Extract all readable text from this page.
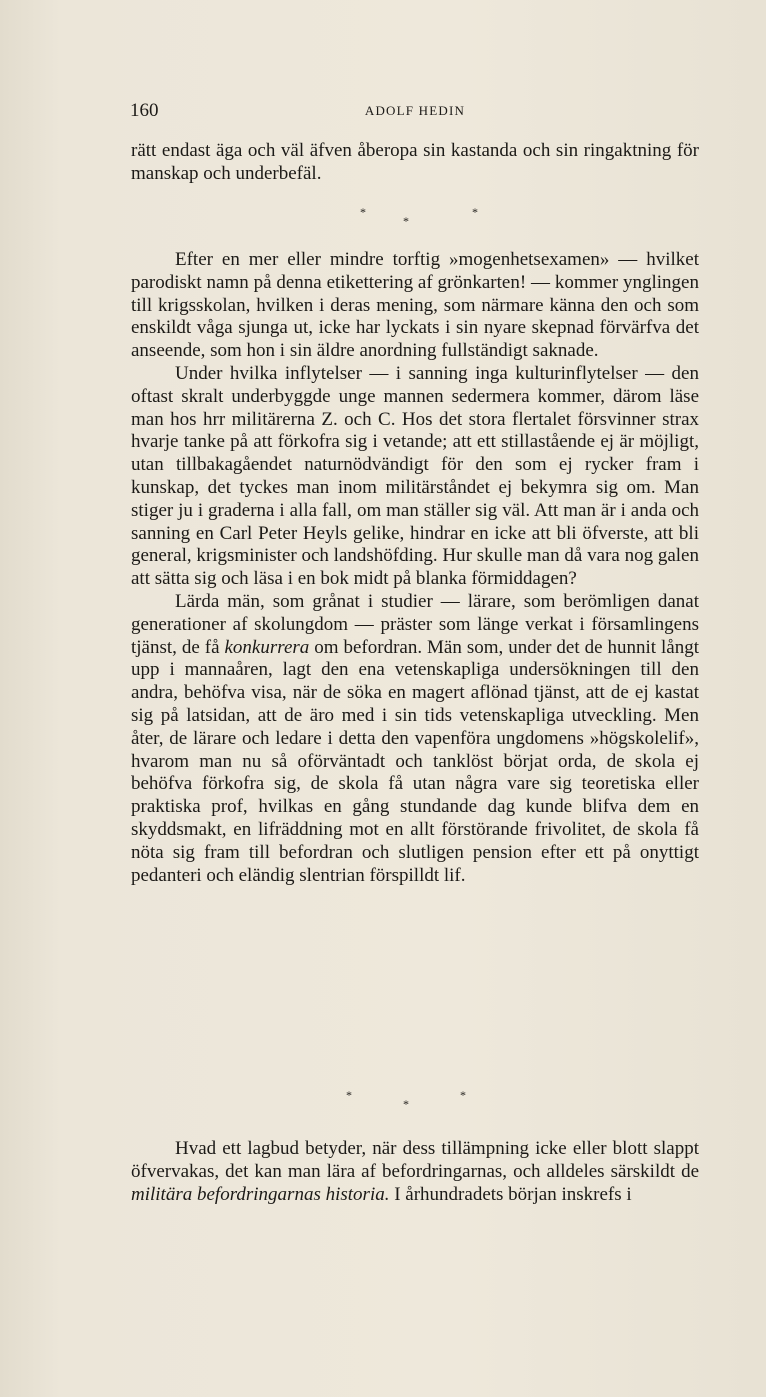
160	ADOLF HEDIN

rätt endast äga och väl äfven åberopa sin kastanda och sin ringaktning för manskap och underbefäl.

*
*
*

Efter en mer eller mindre torftig »mogenhetsexamen» — hvilket parodiskt namn på denna etikettering af grönkarten! — kommer ynglingen till krigsskolan, hvilken i deras mening, som närmare känna den och som enskildt våga sjunga ut, icke har lyckats i sin nyare skepnad förvärfva det anseende, som hon i sin äldre anordning fullständigt saknade.

Under hvilka inflytelser — i sanning inga kulturinflytelser — den oftast skralt underbyggde unge mannen sedermera kommer, därom läse man hos hrr militärerna Z. och C. Hos det stora flertalet försvinner strax hvarje tanke på att förkofra sig i vetande; att ett stillastående ej är möjligt, utan tillbakagåendet naturnödvändigt för den som ej rycker fram i kunskap, det tyckes man inom militärståndet ej bekymra sig om. Man stiger ju i graderna i alla fall, om man ställer sig väl. Att man är i anda och sanning en Carl Peter Heyls gelike, hindrar en icke att bli öfverste, att bli general, krigsminister och landshöfding. Hur skulle man då vara nog galen att sätta sig och läsa i en bok midt på blanka förmiddagen?

Lärda män, som grånat i studier — lärare, som berömligen danat generationer af skolungdom — präster som länge verkat i församlingens tjänst, de få konkurrera om befordran. Män som, under det de hunnit långt upp i mannaåren, lagt den ena vetenskapliga undersökningen till den andra, behöfva visa, när de söka en magert aflönad tjänst, att de ej kastat sig på latsidan, att de äro med i sin tids vetenskapliga utveckling. Men åter, de lärare och ledare i detta den vapenföra ungdomens »högskolelif», hvarom man nu så oförväntadt och tanklöst börjat orda, de skola ej behöfva förkofra sig, de skola få utan några vare sig teoretiska eller praktiska prof, hvilkas en gång stundande dag kunde blifva dem en skyddsmakt, en lifräddning mot en allt förstörande frivolitet, de skola få nöta sig fram till befordran och slutligen pension efter ett på onyttigt pedanteri och eländig slentrian förspilldt lif.

*
*
*

Hvad ett lagbud betyder, när dess tillämpning icke eller blott slappt öfvervakas, det kan man lära af befordringarnas, och alldeles särskildt de militära befordringarnas historia. I århundradets början inskrefs i
